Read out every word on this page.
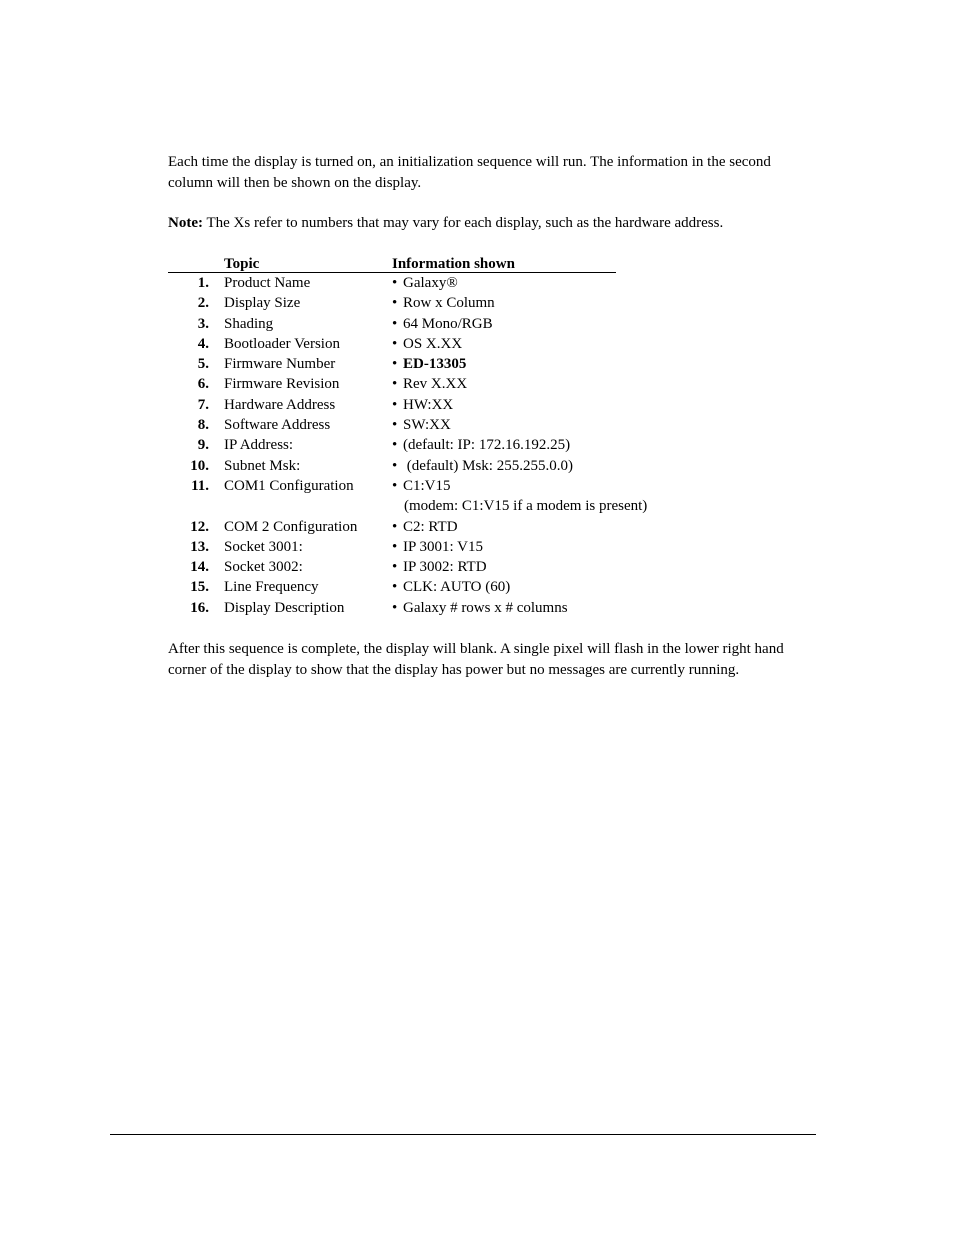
Each time the display is turned on, an initialization sequence will run. The information in the second column will then be shown on the display.

Note: The Xs refer to numbers that may vary for each display, such as the hardware address.

Topic	Information shown
1. Product Name	• Galaxy®
2. Display Size	• Row x Column
3. Shading	• 64 Mono/RGB
4. Bootloader Version	• OS X.XX
5. Firmware Number	• ED-13305
6. Firmware Revision	• Rev X.XX
7. Hardware Address	• HW:XX
8. Software Address	• SW:XX
9. IP Address:	• (default: IP: 172.16.192.25)
10. Subnet Msk:	• (default) Msk: 255.255.0.0)
11. COM1 Configuration	• C1:V15
(modem: C1:V15 if a modem is present)
12. COM 2 Configuration • C2: RTD
13. Socket 3001:	• IP 3001: V15
14. Socket 3002:	• IP 3002: RTD
15. Line Frequency	• CLK: AUTO (60)
16. Display Description	• Galaxy # rows x # columns

After this sequence is complete, the display will blank. A single pixel will flash in the lower right hand corner of the display to show that the display has power but no messages are currently running.
